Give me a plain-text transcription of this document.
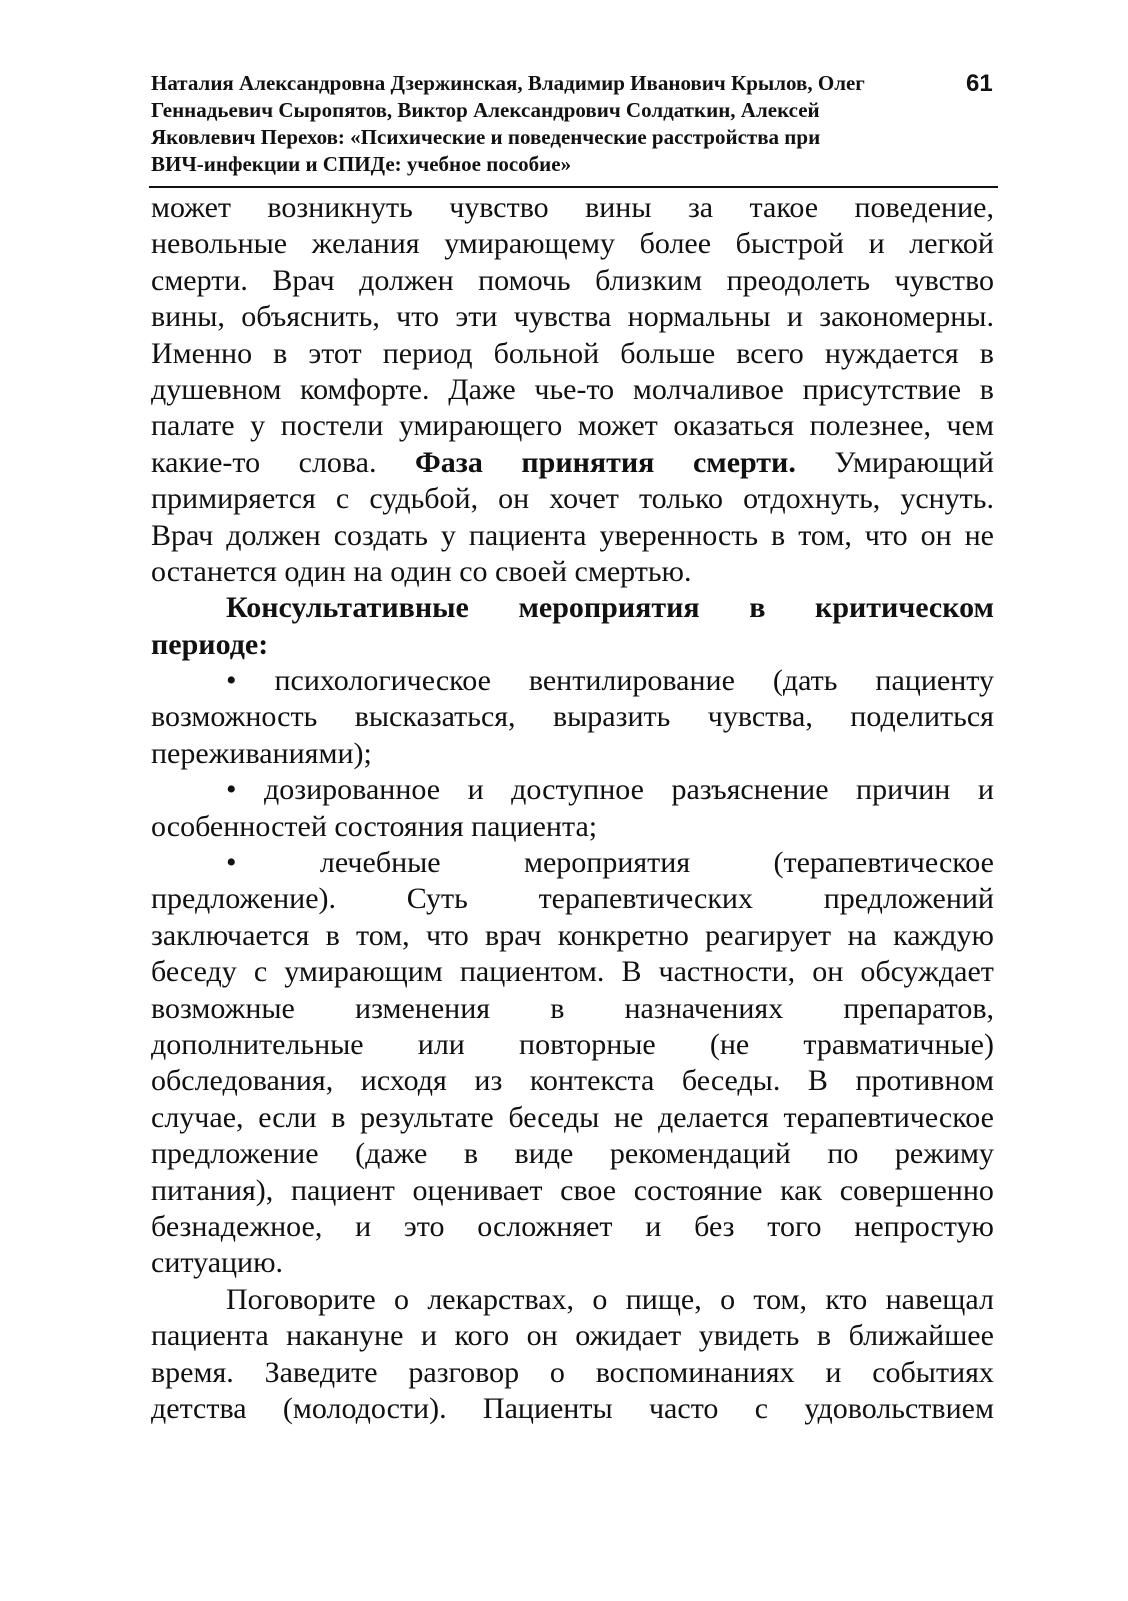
Наталия Александровна Дзержинская, Владимир Иванович Крылов, Олег
Геннадьевич Сыропятов, Виктор Александрович Солдаткин, Алексей
Яковлевич Перехов: «Психические и поведенческие расстройства при
ВИЧ-инфекции и СПИДе: учебное пособие»
61
может возникнуть чувство вины за такое поведение,
невольные желания умирающему более быстрой и легкой
смерти. Врач должен помочь близким преодолеть чувство
вины, объяснить, что эти чувства нормальны и закономерны.
Именно в этот период больной больше всего нуждается в
душевном комфорте. Даже чье-то молчаливое присутствие в
палате у постели умирающего может оказаться полезнее, чем
какие-то слова. Фаза принятия смерти. Умирающий
примиряется с судьбой, он хочет только отдохнуть, уснуть.
Врач должен создать у пациента уверенность в том, что он не
останется один на один со своей смертью.
Консультативные мероприятия в критическом
периоде:
• психологическое вентилирование (дать пациенту
возможность высказаться, выразить чувства, поделиться
переживаниями);
• дозированное и доступное разъяснение причин и
особенностей состояния пациента;
•	лечебные	мероприятия	(терапевтическое
предложение). Суть терапевтических предложений
заключается в том, что врач конкретно реагирует на каждую
беседу с умирающим пациентом. В частности, он обсуждает
возможные изменения в назначениях препаратов,
дополнительные или повторные (не травматичные)
обследования, исходя из контекста беседы. В противном
случае, если в результате беседы не делается терапевтическое
предложение (даже в виде рекомендаций по режиму
питания), пациент оценивает свое состояние как совершенно
безнадежное, и это осложняет и без того непростую
ситуацию.
Поговорите о лекарствах, о пище, о том, кто навещал
пациента накануне и кого он ожидает увидеть в ближайшее
время. Заведите разговор о воспоминаниях и событиях
детства (молодости). Пациенты часто с удовольствием
